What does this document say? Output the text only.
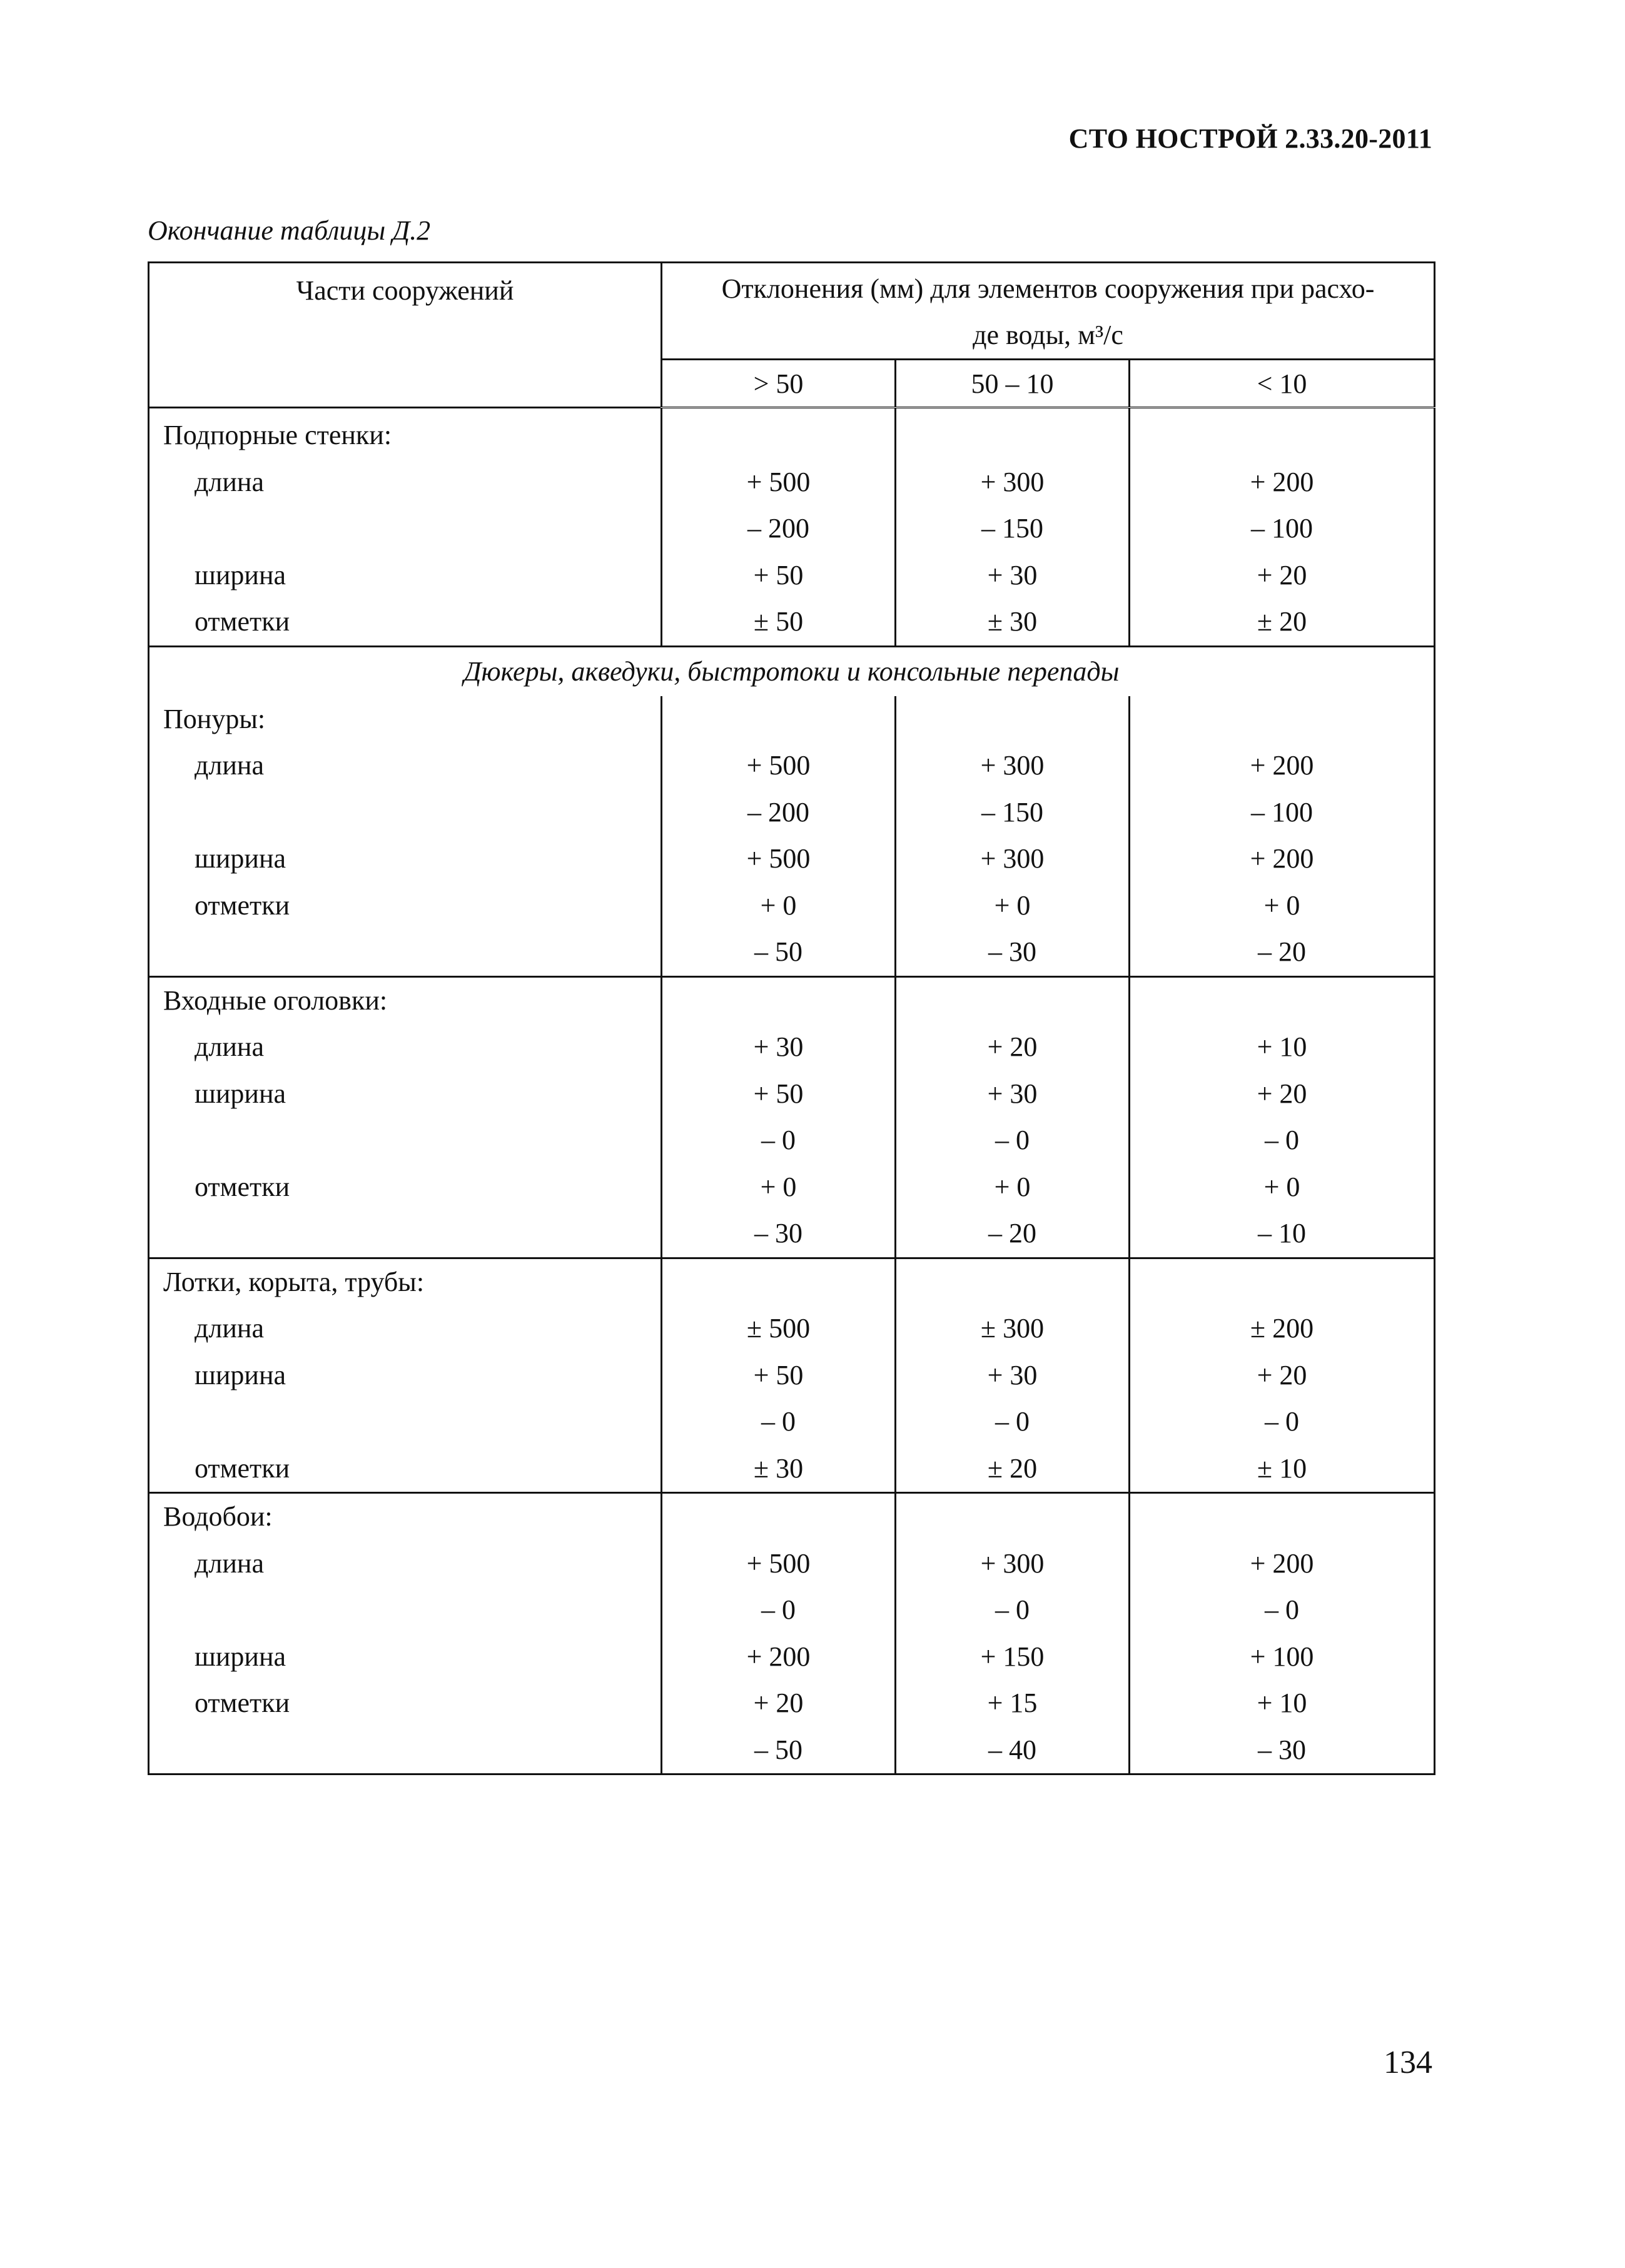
СТО НОСТРОЙ 2.33.20-2011
Окончание таблицы Д.2
Части сооружений	Отклонения (мм) для элементов сооружения при расхо-
де воды, м³/с		

	> 50	50 – 10	< 10

Подпорные стенки:			

длина	+ 500	+ 300	+ 200

	– 200	– 150	– 100

ширина	+ 50	+ 30	+ 20

отметки	± 50	± 30	± 20

Дюкеры, акведуки, быстротоки и консольные перепады			

Понуры:			

длина	+ 500	+ 300	+ 200

	– 200	– 150	– 100

ширина	+ 500	+ 300	+ 200

отметки	+ 0	+ 0	+ 0

	– 50	– 30	– 20

Входные оголовки:			

длина	+ 30	+ 20	+ 10

ширина	+ 50	+ 30	+ 20

	– 0	– 0	– 0

отметки	+ 0	+ 0	+ 0

	– 30	– 20	– 10

Лотки, корыта, трубы:			

длина	± 500	± 300	± 200

ширина	+ 50	+ 30	+ 20

	– 0	– 0	– 0

отметки	± 30	± 20	± 10

Водобои:			

длина	+ 500	+ 300	+ 200

	– 0	– 0	– 0

ширина	+ 200	+ 150	+ 100

отметки	+ 20	+ 15	+ 10

	– 50	– 40	– 30
134
